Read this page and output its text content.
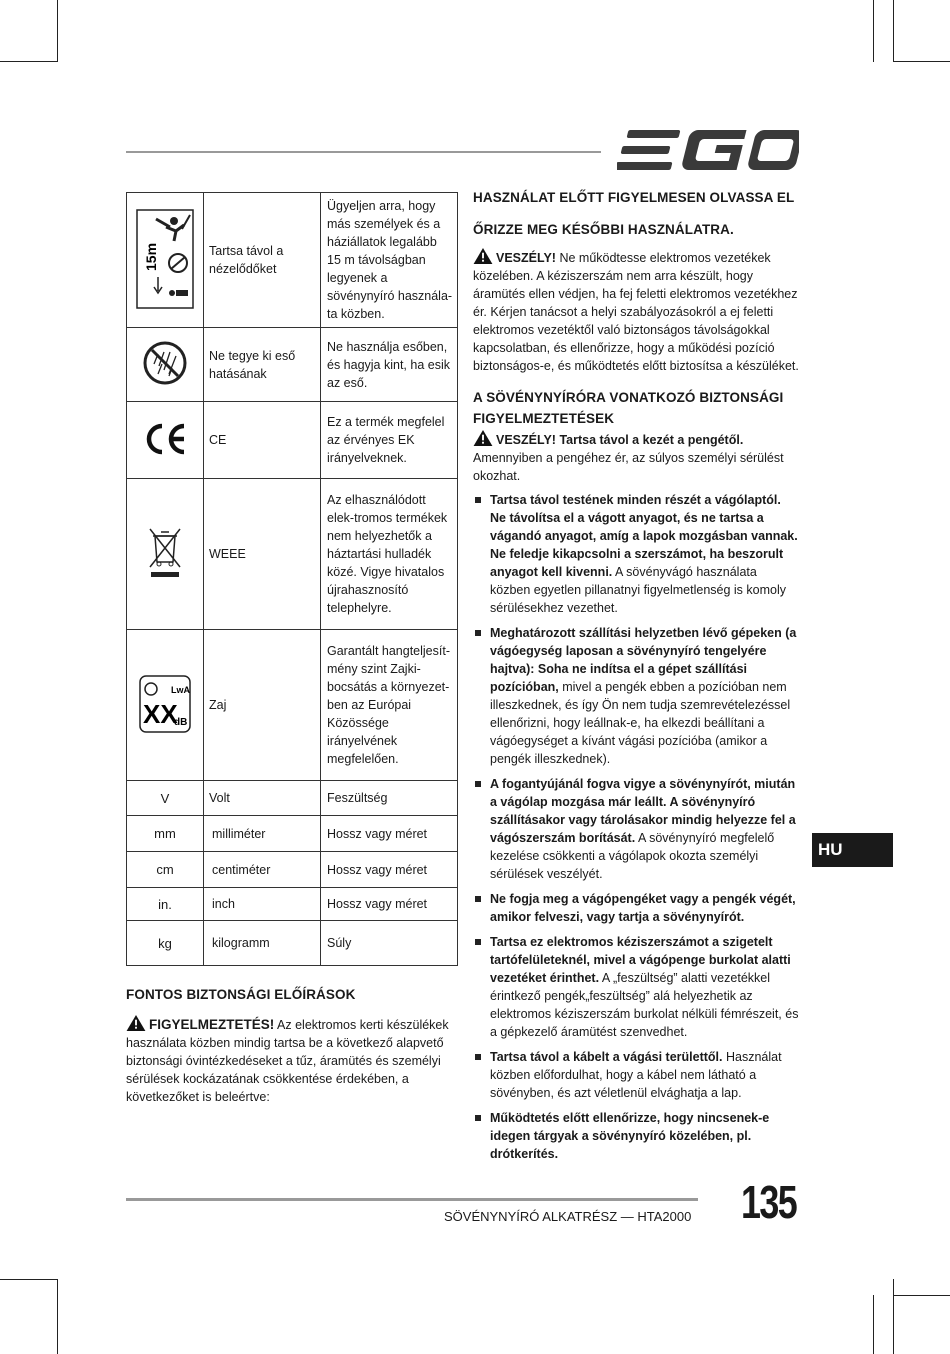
15m	Tartsa távol a nézelődőket	Ügyeljen arra, hogy más személyek és a háziállatok legalább 15 m távolságban legyenek a sövénynyíró használa-ta közben.
	Ne tegye ki eső hatásának	Ne használja esőben, és hagyja kint, ha esik az eső.
	CE	Ez a termék megfelel az érvényes EK irányelveknek.
	WEEE	Az elhasználódott elek-tromos termékek nem helyezhetők a háztartási hulladék közé. Vigye hivatalos újrahasznosító telephelyre.

LwA
XX
dB	Zaj	Garantált hangteljesít-mény szint Zajki-bocsátás a környezet-ben az Európai Közössége irányelvének megfelelően.
V	Volt	Feszültség
mm	milliméter	Hossz vagy méret
cm	centiméter	Hossz vagy méret
in.	inch	Hossz vagy méret
kg	kilogramm	Súly
FONTOS BIZTONSÁGI ELŐÍRÁSOK

FIGYELMEZTETÉS! Az elektromos kerti készülékek használata közben mindig tartsa be a következő alapvető biztonsági óvintézkedéseket a tűz, áramütés és személyi sérülések kockázatának csökkentése érdekében, a következőket is beleértve:

HASZNÁLAT ELŐTT FIGYELMESEN OLVASSA EL
ŐRIZZE MEG KÉSŐBBI HASZNÁLATRA.

VESZÉLY! Ne működtesse elektromos vezetékek közelében. A kéziszerszám nem arra készült, hogy áramütés ellen védjen, ha fej feletti elektromos vezetékhez ér. Kérjen tanácsot a helyi szabályozásokról a ej feletti elektromos vezetéktől való biztonságos távolságokkal kapcsolatban, és ellenőrizze, hogy a működési pozíció biztonságos-e, és működtetés előtt biztosítsa a készüléket.

A SÖVÉNYNYÍRÓRA VONATKOZÓ BIZTONSÁGI FIGYELMEZTETÉSEK

VESZÉLY! Tartsa távol a kezét a pengétől.
Amennyiben a pengéhez ér, az súlyos személyi sérülést okozhat.

Tartsa távol testének minden részét a vágólaptól. Ne távolítsa el a vágott anyagot, és ne tartsa a vágandó anyagot, amíg a lapok mozgásban vannak. Ne feledje kikapcsolni a szerszámot, ha beszorult anyagot kell kivenni. A sövényvágó használata közben egyetlen pillanatnyi figyelmetlenség is komoly sérülésekhez vezethet.
Meghatározott szállítási helyzetben lévő gépeken (a vágóegység laposan a sövénynyíró tengelyére hajtva): Soha ne indítsa el a gépet szállítási pozícióban, mivel a pengék ebben a pozícióban nem illeszkednek, és így Ön nem tudja szemrevételezéssel ellenőrizni, hogy leállnak-e, ha elkezdi beállítani a vágóegységet a kívánt vágási pozícióba (amikor a pengék illeszkednek).
A fogantyújánál fogva vigye a sövénynyírót, miután a vágólap mozgása már leállt. A sövénynyíró szállításakor vagy tárolásakor mindig helyezze fel a vágószerszám borítását. A sövénynyíró megfelelő kezelése csökkenti a vágólapok okozta személyi sérülések veszélyét.
Ne fogja meg a vágópengéket vagy a pengék végét, amikor felveszi, vagy tartja a sövénynyírót.
Tartsa ez elektromos kéziszerszámot a szigetelt tartófelületeknél, mivel a vágópenge burkolat alatti vezetéket érinthet. A „feszültség” alatti vezetékkel érintkező pengék„feszültség” alá helyezhetik az elektromos kéziszerszám burkolat nélküli fémrészeit, és a gépkezelő áramütést szenvedhet.
Tartsa távol a kábelt a vágási területtől. Használat közben előfordulhat, hogy a kábel nem látható a sövényben, és azt véletlenül elvághatja a lap.
Működtetés előtt ellenőrizze, hogy nincsenek-e idegen tárgyak a sövénynyíró közelében, pl. drótkerítés.
HU
SÖVÉNYNYÍRÓ ALKATRÉSZ — HTA2000 135
